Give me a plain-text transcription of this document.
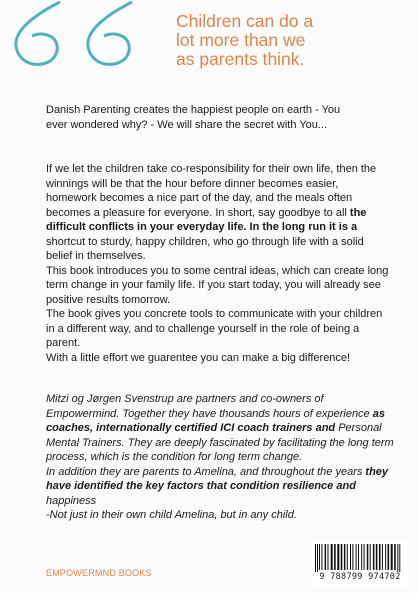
Children can do a
lot more than we
as parents think.
Danish Parenting creates the happiest people on earth - You
ever wondered why? - We will share the secret with You...

If we let the children take co-responsibility for their own life, then the winnings will be that the hour before dinner becomes easier, homework becomes a nice part of the day, and the meals often becomes a pleasure for everyone. In short, say goodbye to all the difficult conflicts in your everyday life. In the long run it is a shortcut to sturdy, happy children, who go through life with a solid belief in themselves.

This book introduces you to some central ideas, which can create long term change in your family life. If you start today, you will already see positive results tomorrow.

The book gives you concrete tools to communicate with your children in a different way, and to challenge yourself in the role of being a parent.

With a little effort we guarentee you can make a big difference!

Mitzi og Jørgen Svenstrup are partners and co-owners of Empowermind. Together they have thousands hours of experience as coaches, internationally certified ICI coach trainers and Personal Mental Trainers. They are deeply fascinated by facilitating the long term process, which is the condition for long term change.

In addition they are parents to Amelina, and throughout the years they have identified the key factors that condition resilience and happiness

-Not just in their own child Amelina, but in any child.

EMPOWERMND BOOKS	9 788799 974702
